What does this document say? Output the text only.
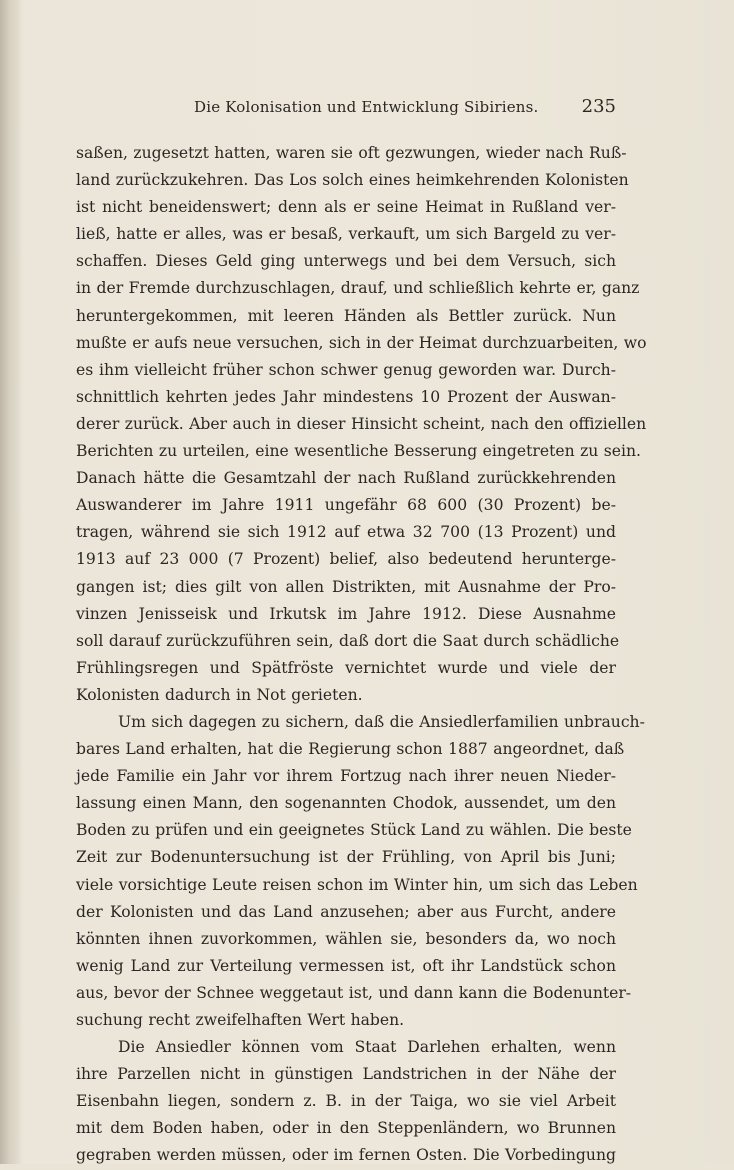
Die Kolonisation und Entwicklung Sibiriens. 235
saßen, zugesetzt hatten, waren sie oft gezwungen, wieder nach Ruß-
land zurückzukehren. Das Los solch eines heimkehrenden Kolonisten
ist nicht beneidenswert; denn als er seine Heimat in Rußland ver-
ließ, hatte er alles, was er besaß, verkauft, um sich Bargeld zu ver-
schaffen. Dieses Geld ging unterwegs und bei dem Versuch, sich
in der Fremde durchzuschlagen, drauf, und schließlich kehrte er, ganz
heruntergekommen, mit leeren Händen als Bettler zurück. Nun
mußte er aufs neue versuchen, sich in der Heimat durchzuarbeiten, wo
es ihm vielleicht früher schon schwer genug geworden war. Durch-
schnittlich kehrten jedes Jahr mindestens 10 Prozent der Auswan-
derer zurück. Aber auch in dieser Hinsicht scheint, nach den offiziellen
Berichten zu urteilen, eine wesentliche Besserung eingetreten zu sein.
Danach hätte die Gesamtzahl der nach Rußland zurückkehrenden
Auswanderer im Jahre 1911 ungefähr 68 600 (30 Prozent) be-
tragen, während sie sich 1912 auf etwa 32 700 (13 Prozent) und
1913 auf 23 000 (7 Prozent) belief, also bedeutend herunterge-
gangen ist; dies gilt von allen Distrikten, mit Ausnahme der Pro-
vinzen Jenisseisk und Irkutsk im Jahre 1912. Diese Ausnahme
soll darauf zurückzuführen sein, daß dort die Saat durch schädliche
Frühlingsregen und Spätfröste vernichtet wurde und viele der
Kolonisten dadurch in Not gerieten.
Um sich dagegen zu sichern, daß die Ansiedlerfamilien unbrauch-
bares Land erhalten, hat die Regierung schon 1887 angeordnet, daß
jede Familie ein Jahr vor ihrem Fortzug nach ihrer neuen Nieder-
lassung einen Mann, den sogenannten Chodok, aussendet, um den
Boden zu prüfen und ein geeignetes Stück Land zu wählen. Die beste
Zeit zur Bodenuntersuchung ist der Frühling, von April bis Juni;
viele vorsichtige Leute reisen schon im Winter hin, um sich das Leben
der Kolonisten und das Land anzusehen; aber aus Furcht, andere
könnten ihnen zuvorkommen, wählen sie, besonders da, wo noch
wenig Land zur Verteilung vermessen ist, oft ihr Landstück schon
aus, bevor der Schnee weggetaut ist, und dann kann die Bodenunter-
suchung recht zweifelhaften Wert haben.
Die Ansiedler können vom Staat Darlehen erhalten, wenn
ihre Parzellen nicht in günstigen Landstrichen in der Nähe der
Eisenbahn liegen, sondern z. B. in der Taiga, wo sie viel Arbeit
mit dem Boden haben, oder in den Steppenländern, wo Brunnen
gegraben werden müssen, oder im fernen Osten. Die Vorbedingung
